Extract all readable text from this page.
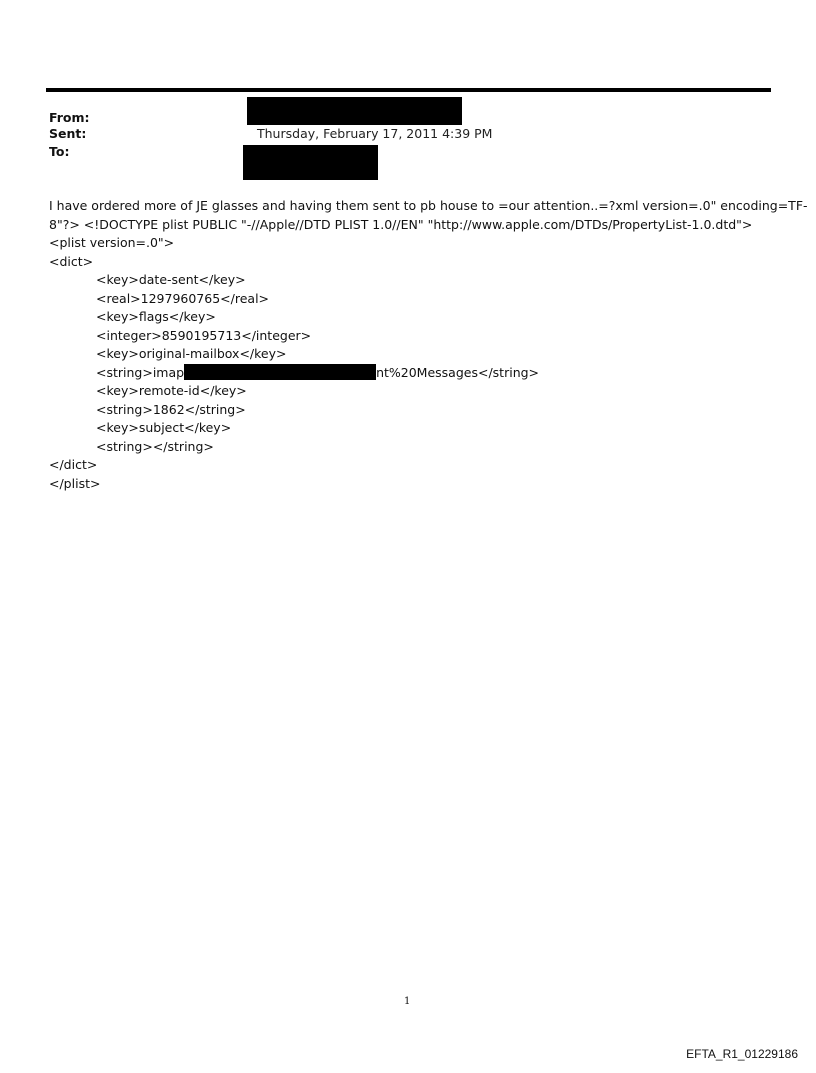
From:
Sent:
To:
Thursday, February 17, 2011 4:39 PM
I have ordered more of JE glasses and having them sent to pb house to =our attention..=?xml version=.0" encoding=TF-
8"?> <!DOCTYPE plist PUBLIC "-//Apple//DTD PLIST 1.0//EN" "http://www.apple.com/DTDs/PropertyList-1.0.dtd">
<plist version=.0">
<dict>
<key>date-sent</key>
<real>1297960765</real>
<key>flags</key>
<integer>8590195713</integer>
<key>original-mailbox</key>
<string>imap	nt%20Messages</string>
<key>remote-id</key>
<string>1862</string>
<key>subject</key>
<string></string>
</dict>
</plist>
1
EFTA_R1_01229186
